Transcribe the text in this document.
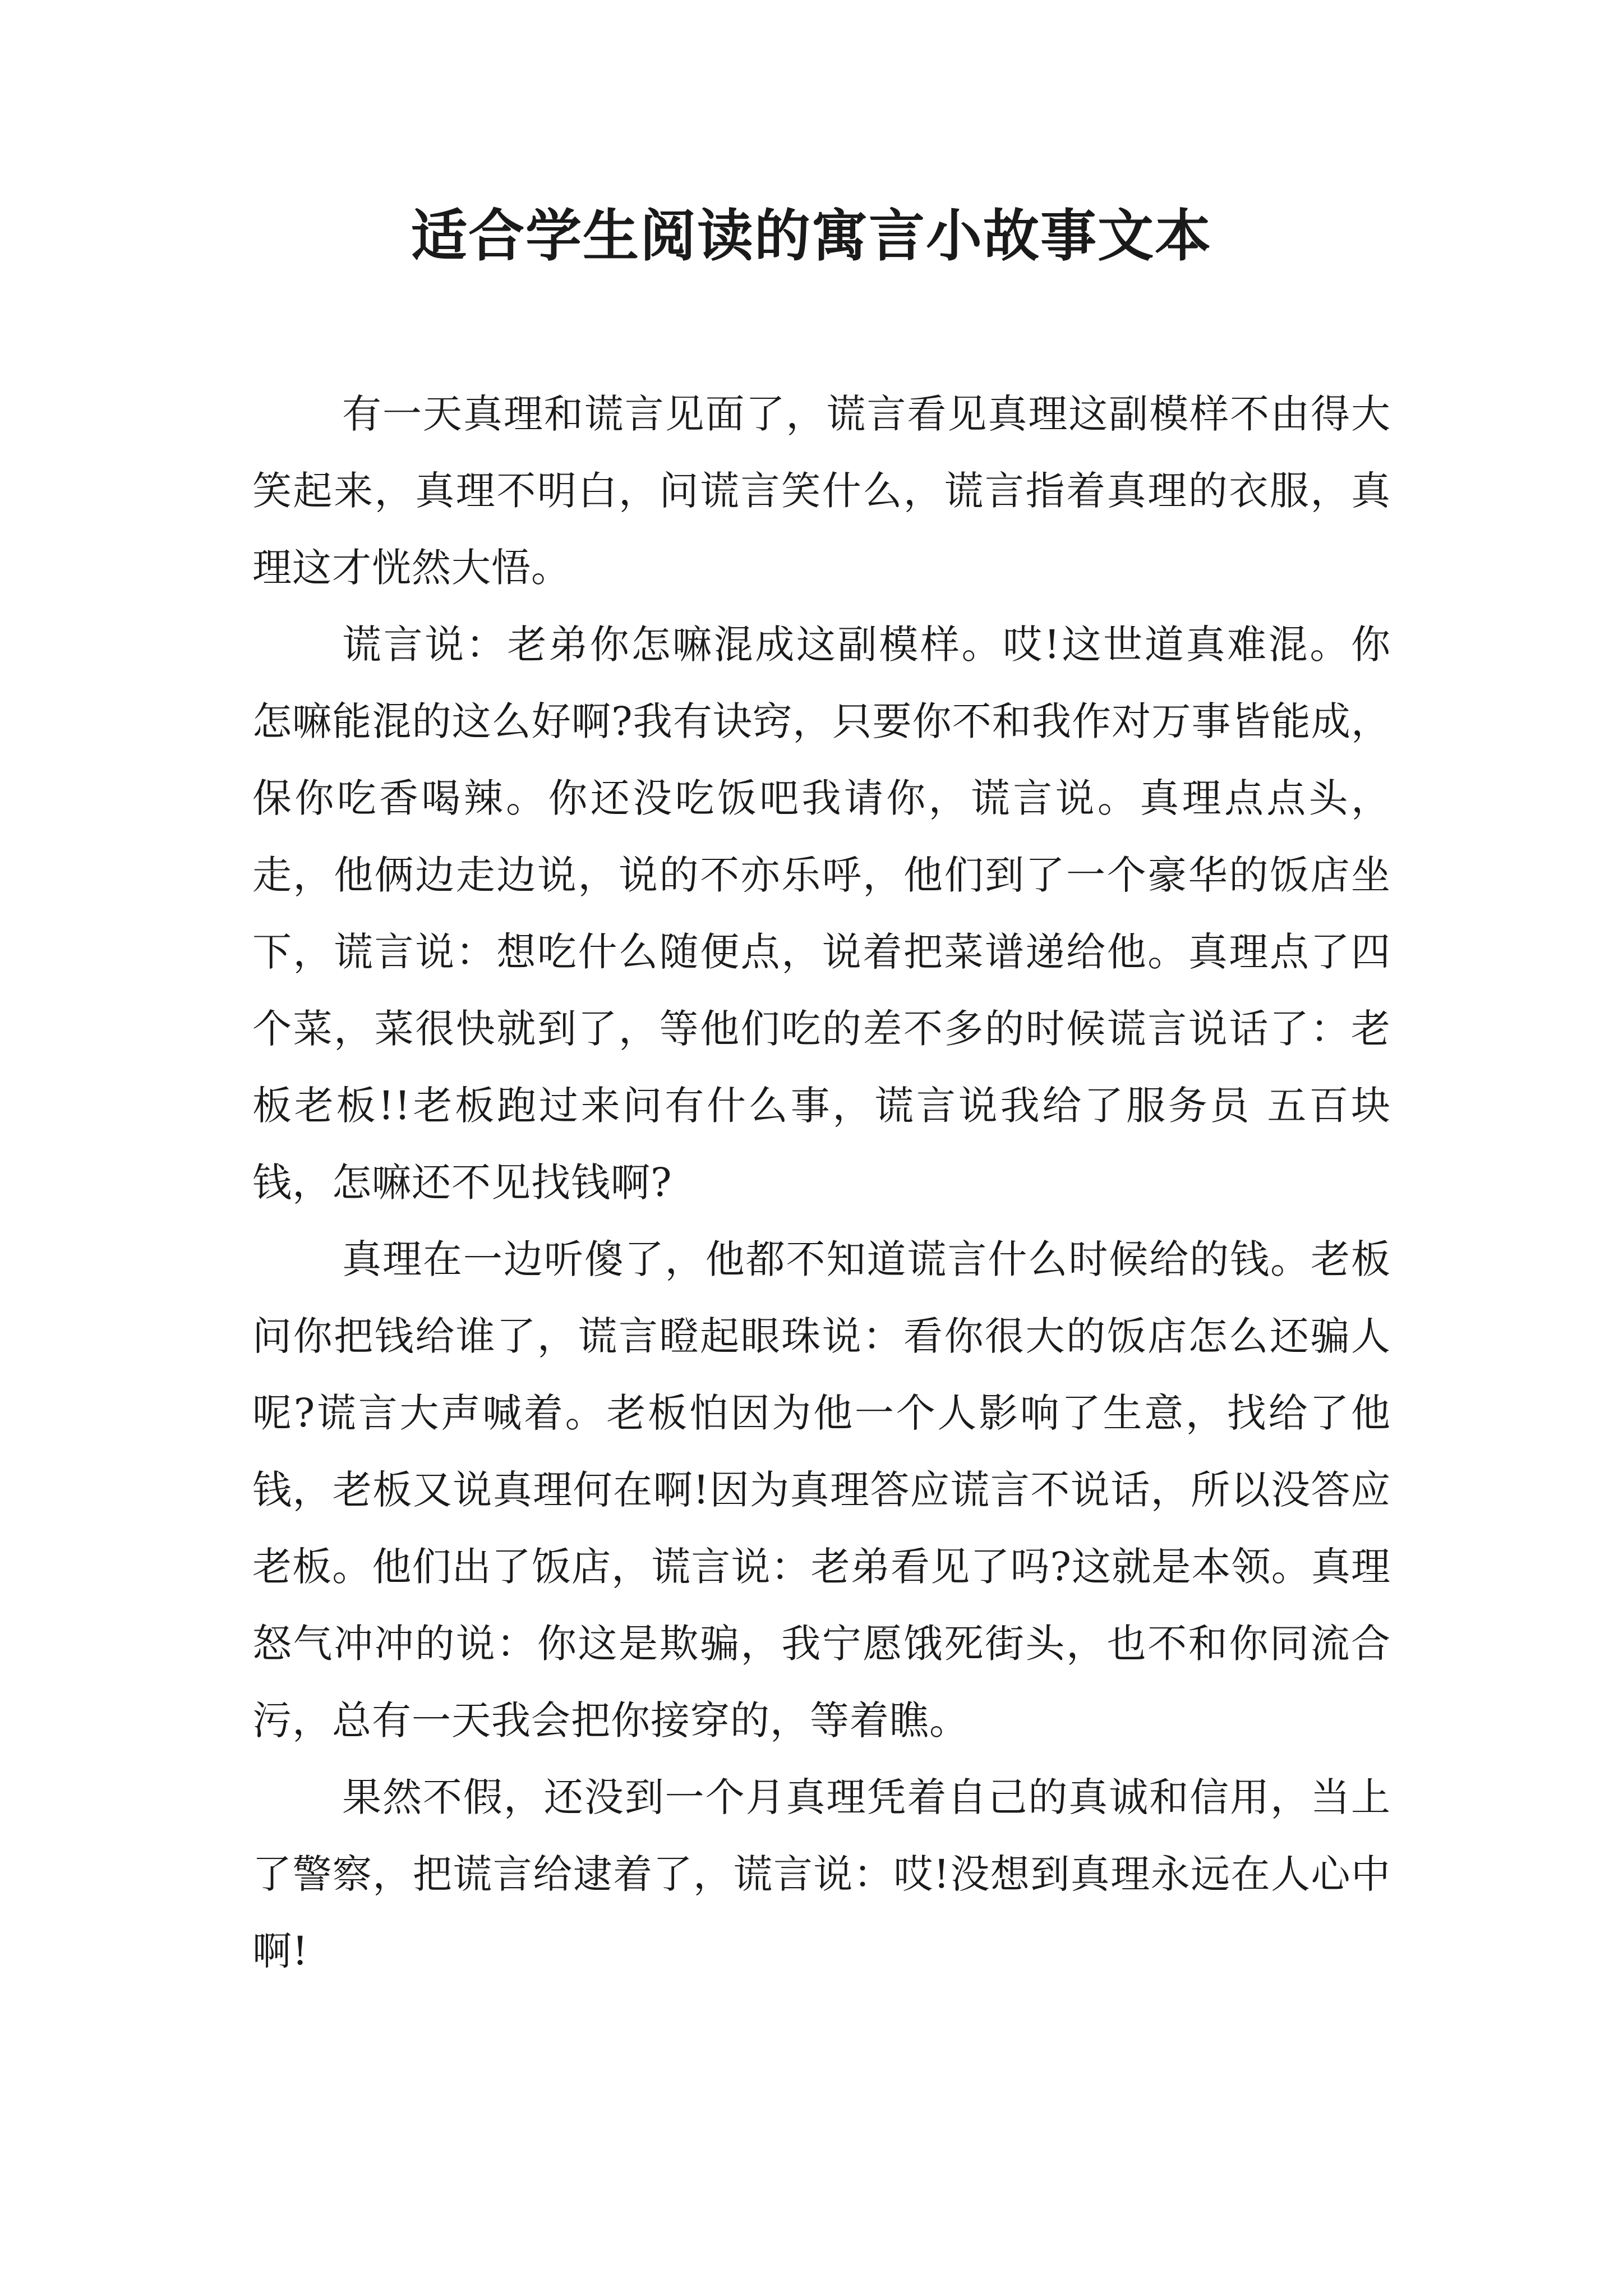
适合学生阅读的寓言小故事文本

有一天真理和谎言见面了，谎言看见真理这副模样不由得大笑起来，真理不明白，问谎言笑什么，谎言指着真理的衣服，真理这才恍然大悟。

谎言说：老弟你怎嘛混成这副模样。哎!这世道真难混。你怎嘛能混的这么好啊?我有诀窍，只要你不和我作对万事皆能成，保你吃香喝辣。你还没吃饭吧我请你，谎言说。真理点点头，走，他俩边走边说，说的不亦乐呼，他们到了一个豪华的饭店坐下，谎言说：想吃什么随便点，说着把菜谱递给他。真理点了四个菜，菜很快就到了，等他们吃的差不多的时候谎言说话了：老板老板!!老板跑过来问有什么事，谎言说我给了服务员 五百块钱，怎嘛还不见找钱啊?

真理在一边听傻了，他都不知道谎言什么时候给的钱。老板问你把钱给谁了，谎言瞪起眼珠说：看你很大的饭店怎么还骗人呢?谎言大声喊着。老板怕因为他一个人影响了生意，找给了他钱，老板又说真理何在啊!因为真理答应谎言不说话，所以没答应老板。他们出了饭店，谎言说：老弟看见了吗?这就是本领。真理怒气冲冲的说：你这是欺骗，我宁愿饿死街头，也不和你同流合污，总有一天我会把你接穿的，等着瞧。

果然不假，还没到一个月真理凭着自己的真诚和信用，当上了警察，把谎言给逮着了，谎言说：哎!没想到真理永远在人心中啊!
